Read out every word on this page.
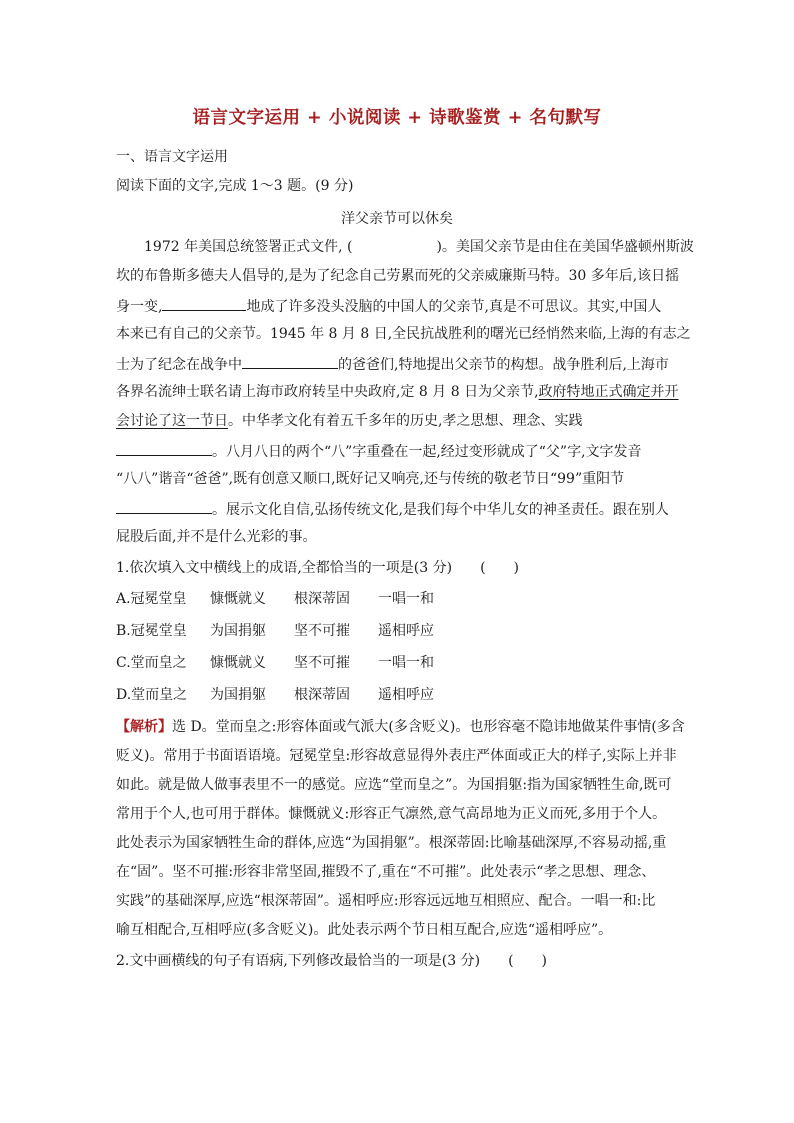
语言文字运用 + 小说阅读 + 诗歌鉴赏 + 名句默写
一、语言文字运用
阅读下面的文字,完成 1～3 题。(9 分)
洋父亲节可以休矣
1972 年美国总统签署正式文件, (	)。美国父亲节是由住在美国华盛顿州斯波
坎的布鲁斯多德夫人倡导的,是为了纪念自己劳累而死的父亲威廉斯马特。30 多年后,该日摇
身一变,	地成了许多没头没脑的中国人的父亲节,真是不可思议。其实,中国人
本来已有自己的父亲节。1945 年 8 月 8 日,全民抗战胜利的曙光已经悄然来临,上海的有志之
士为了纪念在战争中	的爸爸们,特地提出父亲节的构想。战争胜利后,上海市
各界名流绅士联名请上海市政府转呈中央政府,定 8 月 8 日为父亲节,政府特地正式确定并开
会讨论了这一节日。中华孝文化有着五千多年的历史,孝之思想、理念、实践
。八月八日的两个“八”字重叠在一起,经过变形就成了“父”字,文字发音
“八八”谐音“爸爸”,既有创意又顺口,既好记又响亮,还与传统的敬老节日“99”重阳节
。展示文化自信,弘扬传统文化,是我们每个中华儿女的神圣责任。跟在别人
屁股后面,并不是什么光彩的事。
1.依次填入文中横线上的成语,全都恰当的一项是(3 分)　　(　　)
A.冠冕堂皇 慷慨就义 根深蒂固 一唱一和
B.冠冕堂皇 为国捐躯 坚不可摧 遥相呼应
C.堂而皇之 慷慨就义 坚不可摧 一唱一和
D.堂而皇之 为国捐躯 根深蒂固 遥相呼应
【解析】选 D。堂而皇之:形容体面或气派大(多含贬义)。也形容毫不隐讳地做某件事情(多含
贬义)。常用于书面语语境。冠冕堂皇:形容故意显得外表庄严体面或正大的样子,实际上并非
如此。就是做人做事表里不一的感觉。应选“堂而皇之”。为国捐躯:指为国家牺牲生命,既可
常用于个人,也可用于群体。慷慨就义:形容正气凛然,意气高昂地为正义而死,多用于个人。
此处表示为国家牺牲生命的群体,应选“为国捐躯”。根深蒂固:比喻基础深厚,不容易动摇,重
在“固”。坚不可摧:形容非常坚固,摧毁不了,重在“不可摧”。此处表示“孝之思想、理念、
实践”的基础深厚,应选“根深蒂固”。遥相呼应:形容远远地互相照应、配合。一唱一和:比
喻互相配合,互相呼应(多含贬义)。此处表示两个节日相互配合,应选“遥相呼应”。
2.文中画横线的句子有语病,下列修改最恰当的一项是(3 分)　　(　　)
